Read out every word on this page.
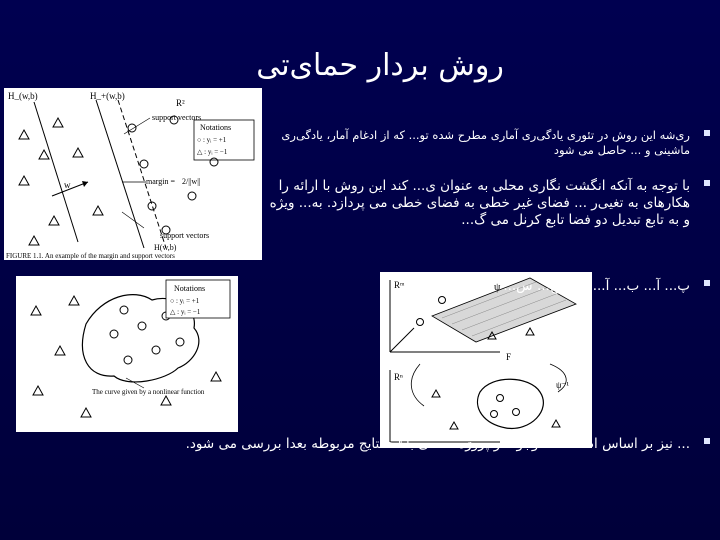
روش بردار حمای‌تی
H_(w,b)	H_+(w,b)
R²
support vectors
Notations
○ : yᵢ = +1
△ : yᵢ = −1
margin = 2/||w||
w
support vectors
H(w,b)
FIGURE 1.1. An example of the margin and support vectors
Notations
○ : yᵢ = +1
△ : yᵢ = −1
The curve given by a nonlinear function
Rᵐ
Rⁿ
ψ
ψ⁻¹
F
ری‌شه این روش در تئوری یادگی‌ری آماری مطرح شده تو... که از ادغام آمار، یادگی‌ری ماشینی و ... حاصل می شود
با توجه به آنکه انگشت نگاری محلی به عنوان ی... کند این روش با ارائه را هکارهای به تغیی‌ر ... فضای غیر خطی به فضای خطی می پردازد. به... ویژه و به تابع تبدیل دو فضا تابع کرنل می گ...
پ... آ... ب... آ... ت... ح... س...
... نیز بر اساس اطلاعات موجود در پروژه ... می باشد نتایج مربوطه بعدا بررسی می شود.
